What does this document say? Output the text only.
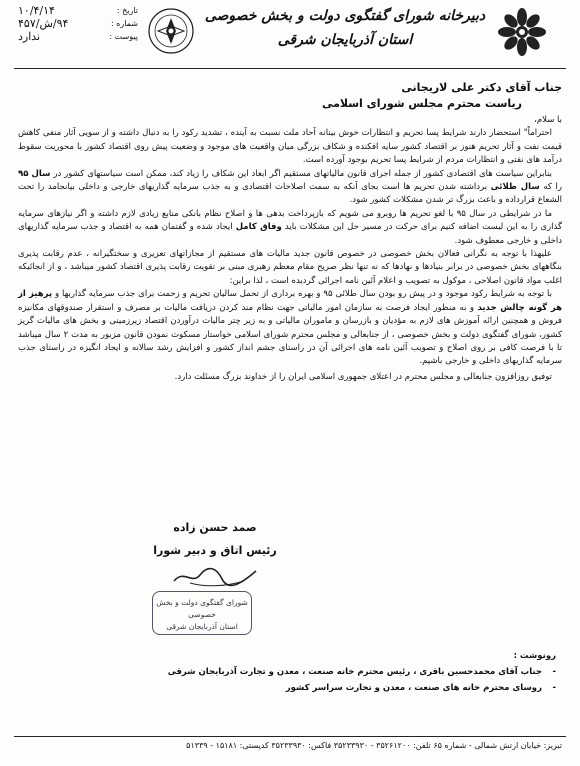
تاریخ :
۱۰/۴/۱۴
شماره :
۹۴/ش/۴۵۷
پیوست :
ندارد
دبیرخانه شورای گفتگوی دولت و بخش خصوصی
استان آذربایجان شرقی

جناب آقای دکتر علی لاریجانی

ریاست محترم مجلس شورای اسلامی

با سلام،

احتراماً" استحضار دارند شرایط پسا تحریم و انتظارات خوش بینانه آحاد ملت نسبت به آینده ، تشدید رکود را به دنبال داشته و از سویی آثار منفی کاهش قیمت نفت و آثار تحریم هنوز بر اقتصاد کشور سایه افکنده و شکاف بزرگی میان واقعیت های موجود و وضعیت پیش روی اقتصاد کشور با محوریت سقوط درآمد های نفتی و انتظارات مردم از شرایط پسا تحریم بوجود آورده است.

بنابراین سیاست های اقتصادی کشور از جمله اجرای قانون مالیاتهای مستقیم اگر ابعاد این شکاف را زیاد کند، ممکن است سیاستهای کشور در سال ۹۵ را که سال طلائی برداشته شدن تحریم ها است بجای آنکه به سمت اصلاحات اقتصادی و به جذب سرمایه گذاریهای خارجی و داخلی بیانجامد را تحت الشعاع قرارداده و باعث بزرگ تر شدن مشکلات کشور شود.

ما در شرایطی در سال ۹۵ با لغو تحریم ها روبرو می شویم که بازپرداخت بدهی ها و اصلاح نظام بانکی منابع زیادی لازم داشته و اگر نیازهای سرمایه گذاری را به این لیست اضافه کنیم برای حرکت در مسیر حل این مشکلات باید وفاق کامل ایجاد شده و گفتمان همه به اقتصاد و جذب سرمایه گذاریهای داخلی و خارجی معطوف شود.

علیهذا با توجه به نگرانی فعالان بخش خصوصی در خصوص قانون جدید مالیات های مستقیم از مجازاتهای تعزیری و سختگیرانه ، عدم رقابت پذیری بنگاههای بخش خصوصی در برابر بنیادها و نهادها که نه تنها نظر صریح مقام معظم رهبری مبنی بر تقویت رقابت پذیری اقتصاد کشور میباشد ، و از انجائیکه اغلب مواد قانون اصلاحی ، موکول به تصویب و اعلام آئین نامه اجرائی گردیده است ، لذا براین:

با توجه به شرایط رکود موجود و در پیش رو بودن سال طلائی ۹۵ و بهره برداری از تحمل سالیان تحریم و زحمت برای جذب سرمایه گذاریها و پرهیز از هر گونه چالش جدید و به منظور ایجاد فرصت به سازمان امور مالیاتی جهت نظام مند کردن دریافت مالیات بر مصرف و استقرار صندوقهای مکانیزه فروش و همچنین ارائه آموزش های لازم به مؤدیان و بازرسان و ماموران مالیاتی و به زیر چتر مالیات درآوردن اقتصاد زیرزمینی و بخش های مالیات گریز کشور، شورای گفتگوی دولت و بخش خصوصی ، از جنابعالی و مجلس محترم شورای اسلامی خواستار مسکوت نمودن قانون مزبور به مدت ۲ سال میباشد تا با فرصت کافی بر روی اصلاح و تصویب آئین نامه های اجرائی آن در راستای جشم انداز کشور و افزایش رشد سالانه و ایجاد انگیزه در راستای جذب سرمایه گذاریهای داخلی و خارجی باشیم.

توفیق روزافزون جنابعالی و مجلس محترم در اعتلای جمهوری اسلامی ایران را از خداوند بزرگ مسئلت دارد.

صمد حسن زاده
رئیس اتاق و دبیر شورا
شورای گفتگوی دولت و بخش خصوصی
استان آذربایجان شرقی
رونوشت :
- جناب آقای محمدحسین باقری ، رئیس محترم خانه صنعت ، معدن و تجارت آذربایجان شرقی
- روسای محترم خانه های صنعت ، معدن و تجارت سراسر کشور
تبریز: خیابان ارتش شمالی - شماره ۶۵ تلفن: ۳۵۲۶۱۲۰۰ - ۳۵۲۳۳۹۳۰ فاکس: ۳۵۲۳۳۹۳۰ کدپستی: ۱۵۱۸۱ - ۵۱۳۳۹
